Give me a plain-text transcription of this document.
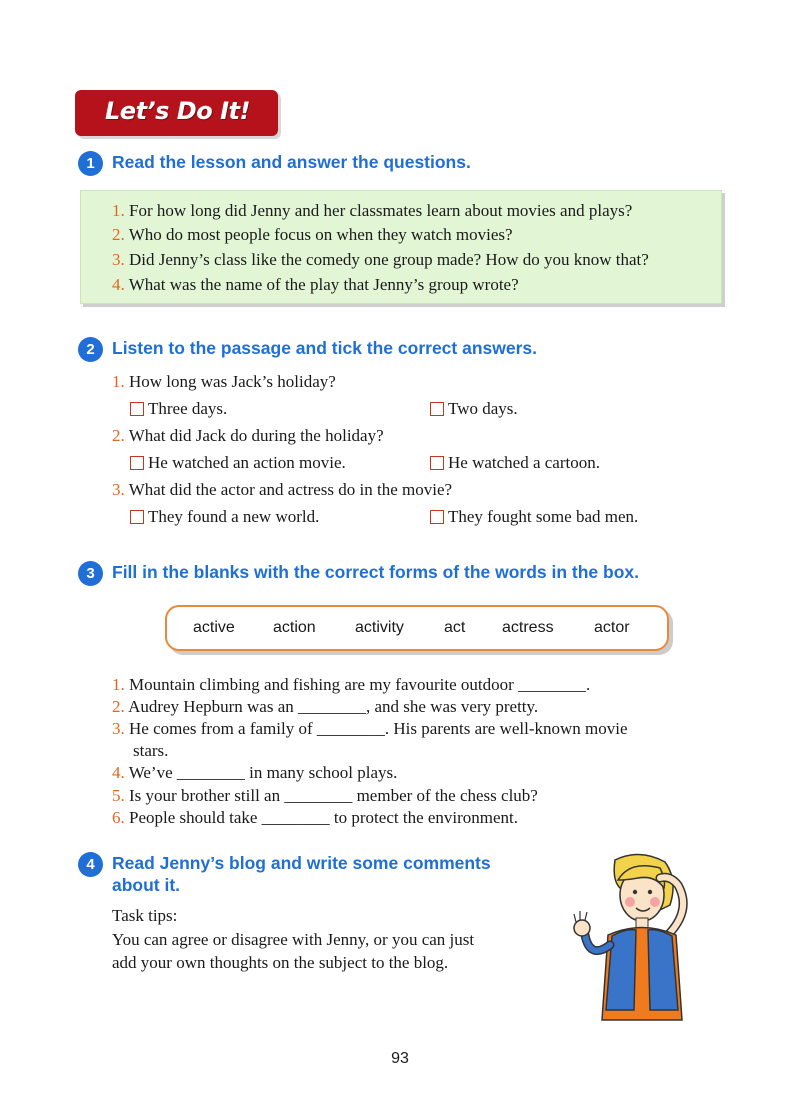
Let’s Do It!
1 Read the lesson and answer the questions.
1. For how long did Jenny and her classmates learn about movies and plays?
2. Who do most people focus on when they watch movies?
3. Did Jenny’s class like the comedy one group made? How do you know that?
4. What was the name of the play that Jenny’s group wrote?
2 Listen to the passage and tick the correct answers.
1. How long was Jack’s holiday?
Three days.	Two days.
2. What did Jack do during the holiday?
He watched an action movie.	He watched a cartoon.
3. What did the actor and actress do in the movie?
They found a new world.	They fought some bad men.
3 Fill in the blanks with the correct forms of the words in the box.
active action activity	act actress	actor
1. Mountain climbing and fishing are my favourite outdoor ________.
2. Audrey Hepburn was an ________, and she was very pretty.
3. He comes from a family of ________. His parents are well-known movie
stars.
4. We’ve ________ in many school plays.
5. Is your brother still an ________ member of the chess club?
6. People should take ________ to protect the environment.
4 Read Jenny’s blog and write some comments
about it.
Task tips:
You can agree or disagree with Jenny, or you can just
add your own thoughts on the subject to the blog.
93
